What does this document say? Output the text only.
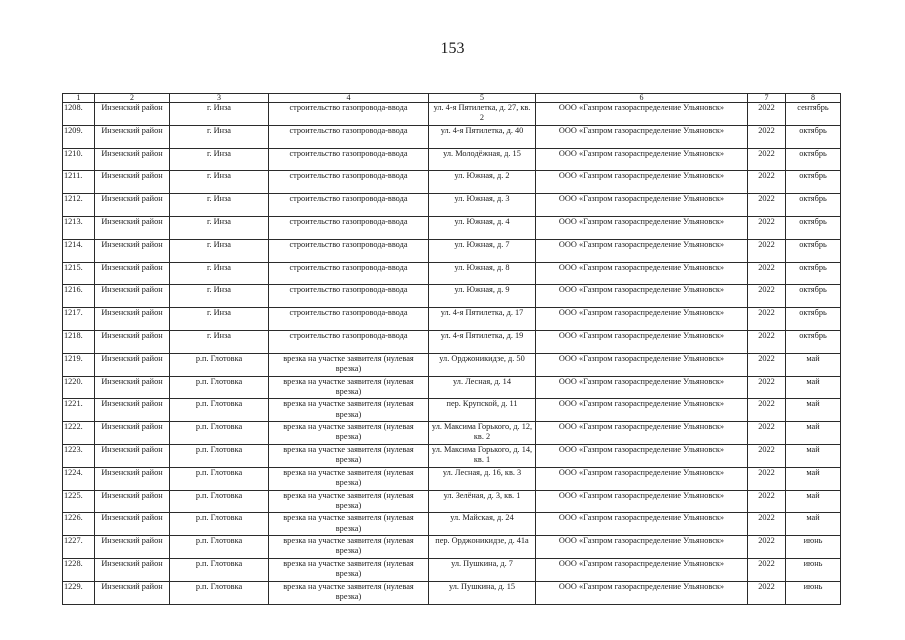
153
1	2	3	4	5	6	7	8
1208.	Инзенский район	г. Инза	строительство газопровода-ввода	ул. 4-я Пятилетка, д. 27, кв. 2	ООО «Газпром газораспределение Ульяновск»	2022	сентябрь
1209.	Инзенский район	г. Инза	строительство газопровода-ввода	ул. 4-я Пятилетка, д. 40	ООО «Газпром газораспределение Ульяновск»	2022	октябрь
1210.	Инзенский район	г. Инза	строительство газопровода-ввода	ул. Молодёжная, д. 15	ООО «Газпром газораспределение Ульяновск»	2022	октябрь
1211.	Инзенский район	г. Инза	строительство газопровода-ввода	ул. Южная, д. 2	ООО «Газпром газораспределение Ульяновск»	2022	октябрь
1212.	Инзенский район	г. Инза	строительство газопровода-ввода	ул. Южная, д. 3	ООО «Газпром газораспределение Ульяновск»	2022	октябрь
1213.	Инзенский район	г. Инза	строительство газопровода-ввода	ул. Южная, д. 4	ООО «Газпром газораспределение Ульяновск»	2022	октябрь
1214.	Инзенский район	г. Инза	строительство газопровода-ввода	ул. Южная, д. 7	ООО «Газпром газораспределение Ульяновск»	2022	октябрь
1215.	Инзенский район	г. Инза	строительство газопровода-ввода	ул. Южная, д. 8	ООО «Газпром газораспределение Ульяновск»	2022	октябрь
1216.	Инзенский район	г. Инза	строительство газопровода-ввода	ул. Южная, д. 9	ООО «Газпром газораспределение Ульяновск»	2022	октябрь
1217.	Инзенский район	г. Инза	строительство газопровода-ввода	ул. 4-я Пятилетка, д. 17	ООО «Газпром газораспределение Ульяновск»	2022	октябрь
1218.	Инзенский район	г. Инза	строительство газопровода-ввода	ул. 4-я Пятилетка, д. 19	ООО «Газпром газораспределение Ульяновск»	2022	октябрь
1219.	Инзенский район	р.п. Глотовка	врезка на участке заявителя (нулевая врезка)	ул. Орджоникидзе, д. 50	ООО «Газпром газораспределение Ульяновск»	2022	май
1220.	Инзенский район	р.п. Глотовка	врезка на участке заявителя (нулевая врезка)	ул. Лесная, д. 14	ООО «Газпром газораспределение Ульяновск»	2022	май
1221.	Инзенский район	р.п. Глотовка	врезка на участке заявителя (нулевая врезка)	пер. Крупской, д. 11	ООО «Газпром газораспределение Ульяновск»	2022	май
1222.	Инзенский район	р.п. Глотовка	врезка на участке заявителя (нулевая врезка)	ул. Максима Горького, д. 12, кв. 2	ООО «Газпром газораспределение Ульяновск»	2022	май
1223.	Инзенский район	р.п. Глотовка	врезка на участке заявителя (нулевая врезка)	ул. Максима Горького, д. 14, кв. 1	ООО «Газпром газораспределение Ульяновск»	2022	май
1224.	Инзенский район	р.п. Глотовка	врезка на участке заявителя (нулевая врезка)	ул. Лесная, д. 16, кв. 3	ООО «Газпром газораспределение Ульяновск»	2022	май
1225.	Инзенский район	р.п. Глотовка	врезка на участке заявителя (нулевая врезка)	ул. Зелёная, д. 3, кв. 1	ООО «Газпром газораспределение Ульяновск»	2022	май
1226.	Инзенский район	р.п. Глотовка	врезка на участке заявителя (нулевая врезка)	ул. Майская, д. 24	ООО «Газпром газораспределение Ульяновск»	2022	май
1227.	Инзенский район	р.п. Глотовка	врезка на участке заявителя (нулевая врезка)	пер. Орджоникидзе, д. 41а	ООО «Газпром газораспределение Ульяновск»	2022	июнь
1228.	Инзенский район	р.п. Глотовка	врезка на участке заявителя (нулевая врезка)	ул. Пушкина, д. 7	ООО «Газпром газораспределение Ульяновск»	2022	июнь
1229.	Инзенский район	р.п. Глотовка	врезка на участке заявителя (нулевая врезка)	ул. Пушкина, д. 15	ООО «Газпром газораспределение Ульяновск»	2022	июнь
